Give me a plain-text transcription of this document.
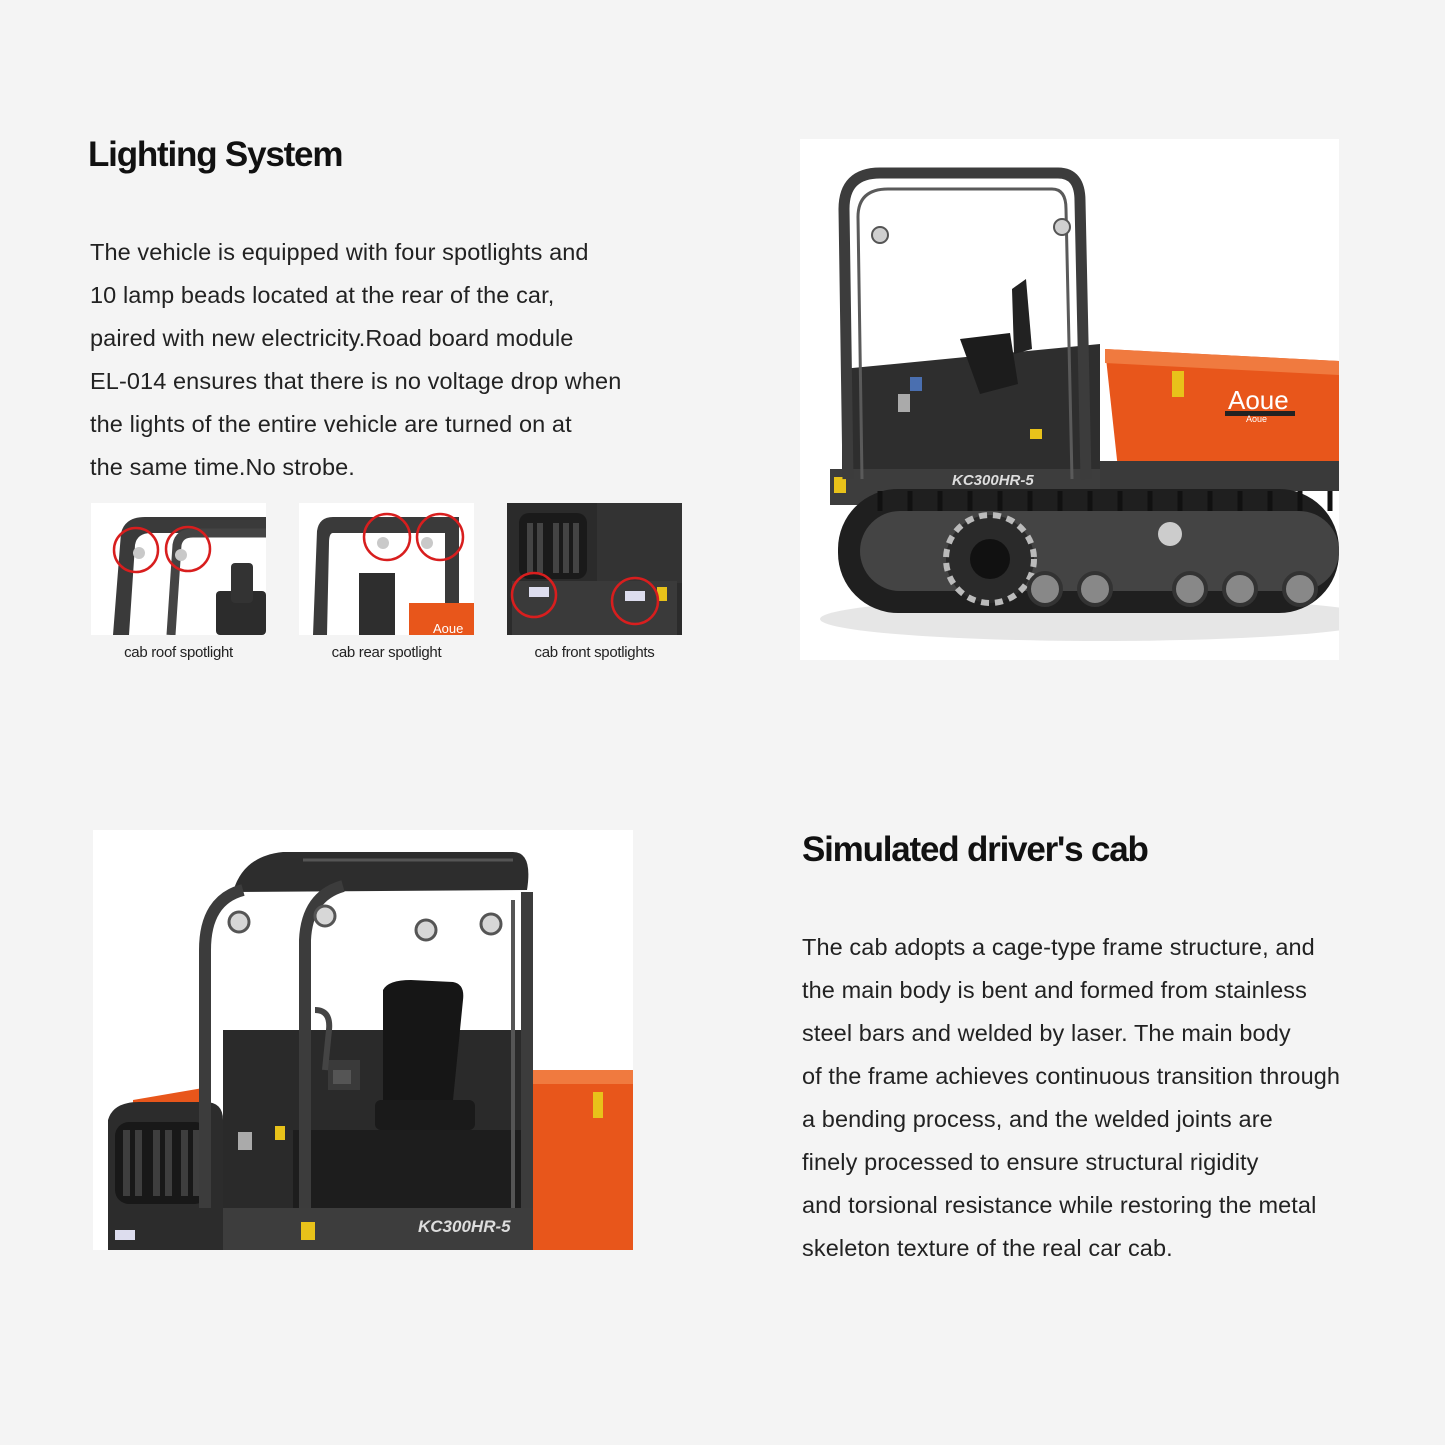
Lighting System

The vehicle is equipped with four spotlights and

10 lamp beads located at the rear of the car,

paired with new electricity.Road board module

EL-014 ensures that there is no voltage drop when

the lights of the entire vehicle are turned on at

the same time.No strobe.

cab roof spotlight
Aoue
cab rear spotlight	cab front spotlights
Aoue
Aoue
KC300HR-5
KC300HR-5
Simulated driver's cab

The cab adopts a cage-type frame structure, and

the main body is bent and formed from stainless

steel bars and welded by laser. The main body

of the frame achieves continuous transition through

a bending process, and the welded joints are

finely processed to ensure structural rigidity

and torsional resistance while restoring the metal

skeleton texture of the real car cab.
